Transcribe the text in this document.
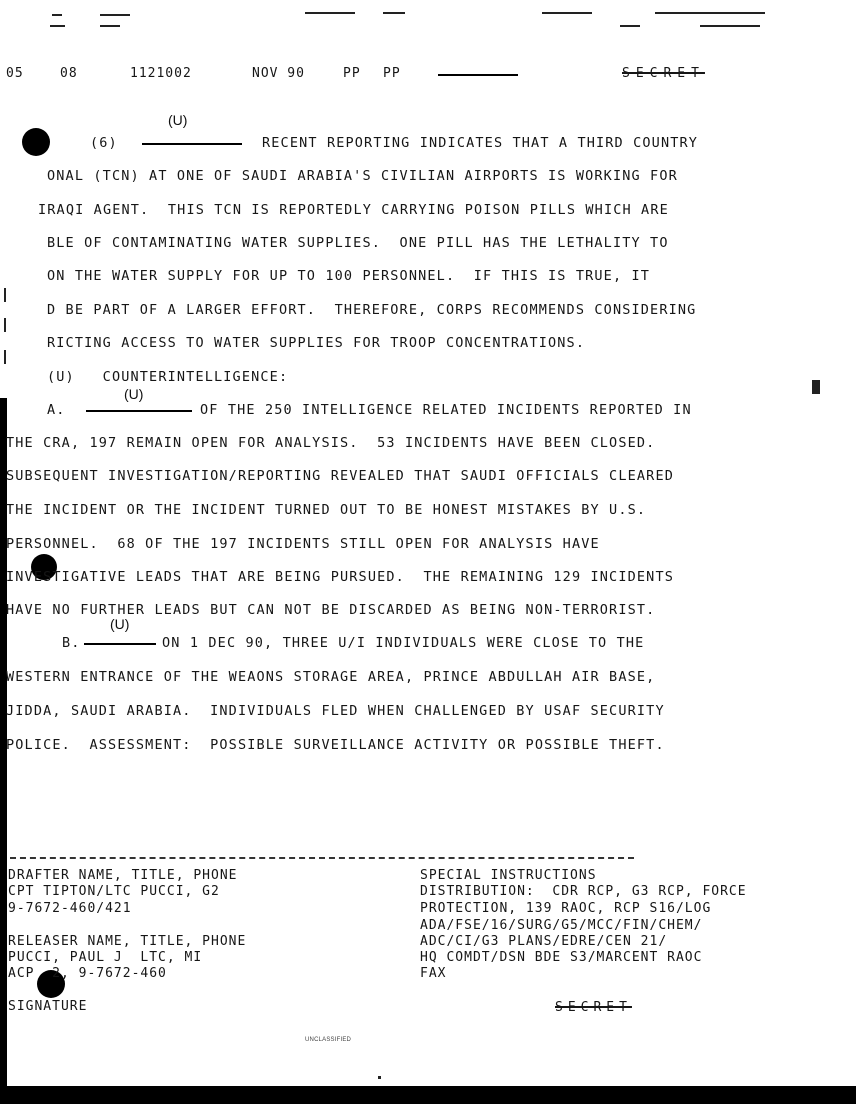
05	08	1121002	NOV 90	PP PP	SECRET
(U)
(U)
(U)
(6)	RECENT REPORTING INDICATES THAT A THIRD COUNTRY
ONAL (TCN) AT ONE OF SAUDI ARABIA'S CIVILIAN AIRPORTS IS WORKING FOR
IRAQI AGENT.  THIS TCN IS REPORTEDLY CARRYING POISON PILLS WHICH ARE
BLE OF CONTAMINATING WATER SUPPLIES.  ONE PILL HAS THE LETHALITY TO
ON THE WATER SUPPLY FOR UP TO 100 PERSONNEL.  IF THIS IS TRUE, IT
D BE PART OF A LARGER EFFORT.  THEREFORE, CORPS RECOMMENDS CONSIDERING
RICTING ACCESS TO WATER SUPPLIES FOR TROOP CONCENTRATIONS.
(U)   COUNTERINTELLIGENCE:
A.	OF THE 250 INTELLIGENCE RELATED INCIDENTS REPORTED IN
THE CRA, 197 REMAIN OPEN FOR ANALYSIS.  53 INCIDENTS HAVE BEEN CLOSED.
SUBSEQUENT INVESTIGATION/REPORTING REVEALED THAT SAUDI OFFICIALS CLEARED
THE INCIDENT OR THE INCIDENT TURNED OUT TO BE HONEST MISTAKES BY U.S.
PERSONNEL.  68 OF THE 197 INCIDENTS STILL OPEN FOR ANALYSIS HAVE
INVESTIGATIVE LEADS THAT ARE BEING PURSUED.  THE REMAINING 129 INCIDENTS
HAVE NO FURTHER LEADS BUT CAN NOT BE DISCARDED AS BEING NON-TERRORIST.
B.	ON 1 DEC 90, THREE U/I INDIVIDUALS WERE CLOSE TO THE
WESTERN ENTRANCE OF THE WEAONS STORAGE AREA, PRINCE ABDULLAH AIR BASE,
JIDDA, SAUDI ARABIA.  INDIVIDUALS FLED WHEN CHALLENGED BY USAF SECURITY
POLICE.  ASSESSMENT:  POSSIBLE SURVEILLANCE ACTIVITY OR POSSIBLE THEFT.
DRAFTER NAME, TITLE, PHONE
CPT TIPTON/LTC PUCCI, G2
9-7672-460/421
RELEASER NAME, TITLE, PHONE
PUCCI, PAUL J  LTC, MI
ACP  2, 9-7672-460
SIGNATURE
SPECIAL INSTRUCTIONS
DISTRIBUTION:  CDR RCP, G3 RCP, FORCE
PROTECTION, 139 RAOC, RCP S16/LOG
ADA/FSE/16/SURG/G5/MCC/FIN/CHEM/
ADC/CI/G3 PLANS/EDRE/CEN 21/
HQ COMDT/DSN BDE S3/MARCENT RAOC
FAX
SECRET
UNCLASSIFIED
